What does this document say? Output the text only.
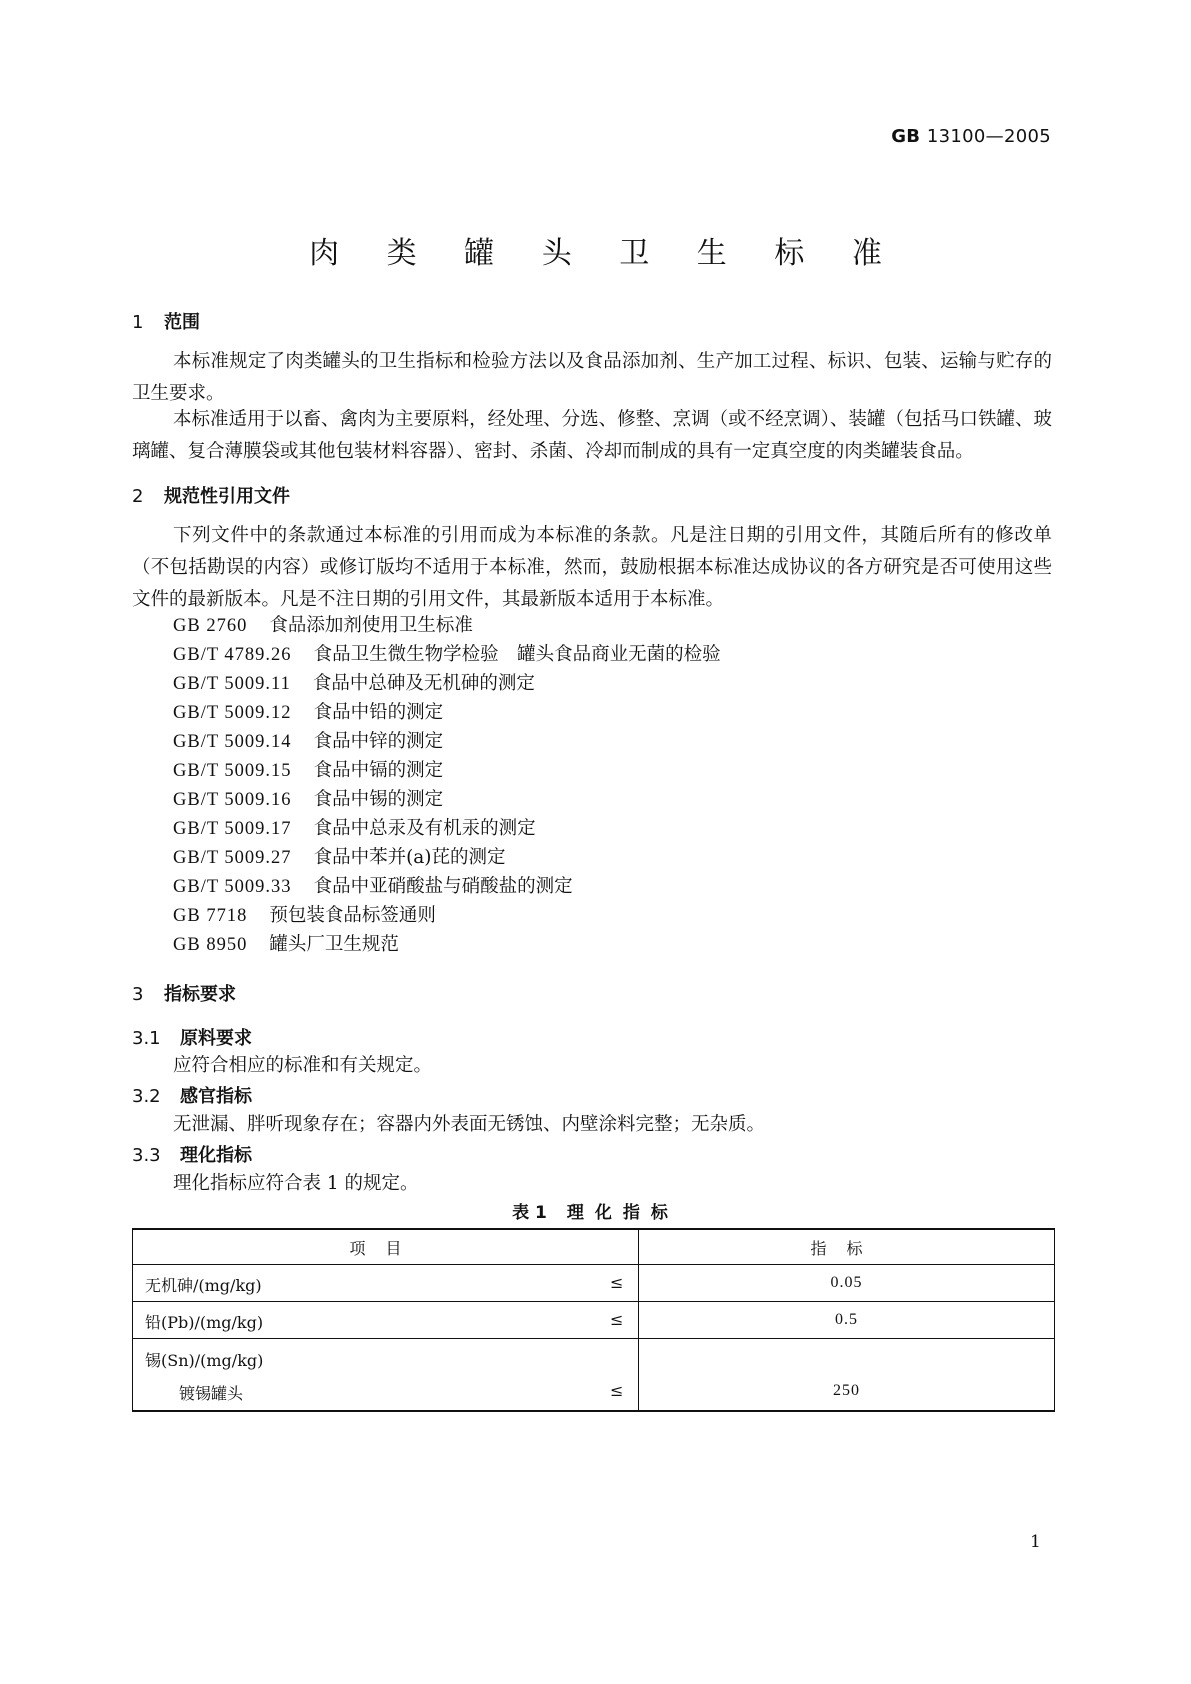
GB 13100—2005
肉 类 罐 头 卫 生 标 准
1 范围
本标准规定了肉类罐头的卫生指标和检验方法以及食品添加剂、生产加工过程、标识、包装、运输与贮存的卫生要求。
本标准适用于以畜、禽肉为主要原料，经处理、分选、修整、烹调（或不经烹调）、装罐（包括马口铁罐、玻璃罐、复合薄膜袋或其他包装材料容器）、密封、杀菌、冷却而制成的具有一定真空度的肉类罐装食品。
2 规范性引用文件
下列文件中的条款通过本标准的引用而成为本标准的条款。凡是注日期的引用文件，其随后所有的修改单（不包括勘误的内容）或修订版均不适用于本标准，然而，鼓励根据本标准达成协议的各方研究是否可使用这些文件的最新版本。凡是不注日期的引用文件，其最新版本适用于本标准。
GB 2760 食品添加剂使用卫生标准
GB/T 4789.26 食品卫生微生物学检验　罐头食品商业无菌的检验
GB/T 5009.11 食品中总砷及无机砷的测定
GB/T 5009.12 食品中铅的测定
GB/T 5009.14 食品中锌的测定
GB/T 5009.15 食品中镉的测定
GB/T 5009.16 食品中锡的测定
GB/T 5009.17 食品中总汞及有机汞的测定
GB/T 5009.27 食品中苯并(a)芘的测定
GB/T 5009.33 食品中亚硝酸盐与硝酸盐的测定
GB 7718 预包装食品标签通则
GB 8950 罐头厂卫生规范
3 指标要求
3.1 原料要求
应符合相应的标准和有关规定。
3.2 感官指标
无泄漏、胖听现象存在；容器内外表面无锈蚀、内壁涂料完整；无杂质。
3.3 理化指标
理化指标应符合表 1 的规定。
表 1 理化指标
项目	指标

无机砷/(mg/kg) ≤	0.05

铅(Pb)/(mg/kg) ≤	0.5

锡(Sn)/(mg/kg)
镀锡罐头 ≤	250
1
